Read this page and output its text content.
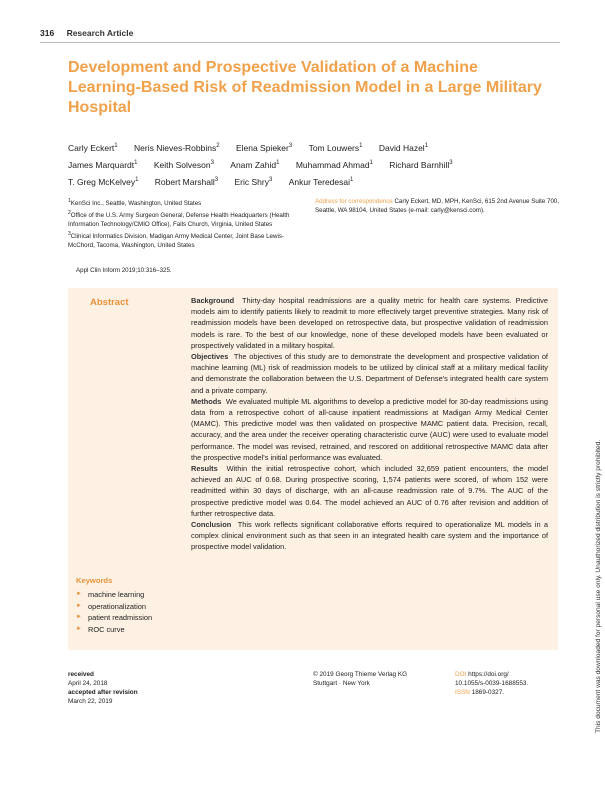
316 Research Article
Development and Prospective Validation of a Machine Learning-Based Risk of Readmission Model in a Large Military Hospital
Carly Eckert$^1$ Neris Nieves-Robbins$^2$ Elena Spieker$^3$ Tom Louwers$^1$ David Hazel$^1$
James Marquardt$^1$ Keith Solveson$^3$ Anam Zahid$^1$ Muhammad Ahmad$^1$ Richard Barnhill$^3$
T. Greg McKelvey$^1$ Robert Marshall$^3$ Eric Shry$^3$ Ankur Teredesai$^1$
$^1$KenSci Inc., Seattle, Washington, United States
$^2$Office of the U.S. Army Surgeon General, Defense Health Headquarters (Health Information Technology/CMIO Office), Falls Church, Virginia, United States
$^3$Clinical Informatics Division, Madigan Army Medical Center, Joint Base Lewis-McChord, Tacoma, Washington, United States
Address for correspondence Carly Eckert, MD, MPH, KenSci, 615 2nd Avenue Suite 700, Seattle, WA 98104, United States (e-mail: carly@kensci.com).
Appl Clin Inform 2019;10:316–325.
Abstract	Background Thirty-day hospital readmissions are a quality metric for health care systems. Predictive models aim to identify patients likely to readmit to more effectively target preventive strategies. Many risk of readmission models have been developed on retrospective data, but prospective validation of readmission models is rare. To the best of our knowledge, none of these developed models have been evaluated or prospectively validated in a military hospital.

Objectives The objectives of this study are to demonstrate the development and prospective validation of machine learning (ML) risk of readmission models to be utilized by clinical staff at a military medical facility and demonstrate the collaboration between the U.S. Department of Defense's integrated health care system and a private company.

Methods We evaluated multiple ML algorithms to develop a predictive model for 30-day readmissions using data from a retrospective cohort of all-cause inpatient readmissions at Madigan Army Medical Center (MAMC). This predictive model was then validated on prospective MAMC patient data. Precision, recall, accuracy, and the area under the receiver operating characteristic curve (AUC) were used to evaluate model performance. The model was revised, retrained, and rescored on additional retrospective MAMC data after the prospective model's initial performance was evaluated.

Results Within the initial retrospective cohort, which included 32,659 patient encounters, the model achieved an AUC of 0.68. During prospective scoring, 1,574 patients were scored, of whom 152 were readmitted within 30 days of discharge, with an all-cause readmission rate of 9.7%. The AUC of the prospective predictive model was 0.64. The model achieved an AUC of 0.76 after revision and addition of further retrospective data.

Conclusion This work reflects significant collaborative efforts required to operationalize ML models in a complex clinical environment such as that seen in an integrated health care system and the importance of prospective model validation.

Keywords
► machine learning
► operationalization
► patient readmission
► ROC curve
received
April 24, 2018
accepted after revision
March 22, 2019
© 2019 Georg Thieme Verlag KG
Stuttgart · New York
DOI https://doi.org/
10.1055/s-0039-1688553.
ISSN 1869-0327.	This document was downloaded for personal use only. Unauthorized distribution is strictly prohibited.
